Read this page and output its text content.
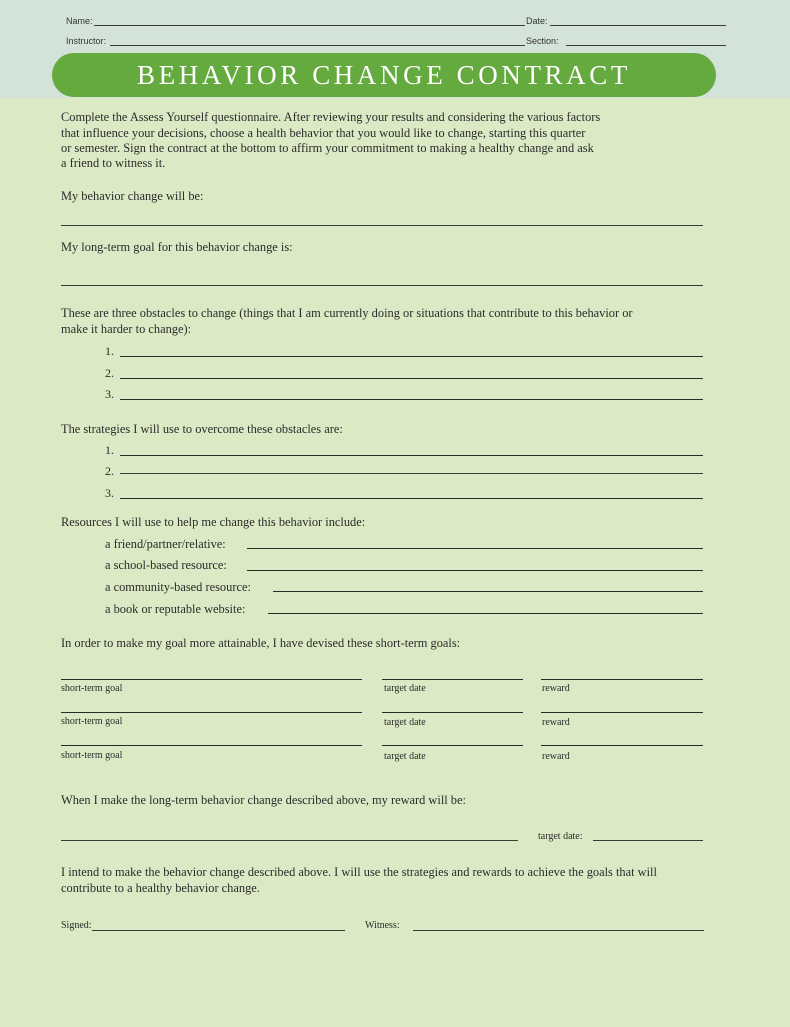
Name:	Date:
Instructor:	Section:
BEHAVIOR CHANGE CONTRACT
Complete the Assess Yourself questionnaire. After reviewing your results and considering the various factors
that influence your decisions, choose a health behavior that you would like to change, starting this quarter
or semester. Sign the contract at the bottom to affirm your commitment to making a healthy change and ask
a friend to witness it.
My behavior change will be:
My long-term goal for this behavior change is:
These are three obstacles to change (things that I am currently doing or situations that contribute to this behavior or
make it harder to change):
1.
2.
3.
The strategies I will use to overcome these obstacles are:
1.
2.
3.
Resources I will use to help me change this behavior include:
a friend/partner/relative:
a school-based resource:
a community-based resource:
a book or reputable website:
In order to make my goal more attainable, I have devised these short-term goals:
short-term goal	target date	reward
short-term goal	target date	reward
short-term goal	target date	reward
When I make the long-term behavior change described above, my reward will be:
target date:
I intend to make the behavior change described above. I will use the strategies and rewards to achieve the goals that will
contribute to a healthy behavior change.
Signed:	Witness:
